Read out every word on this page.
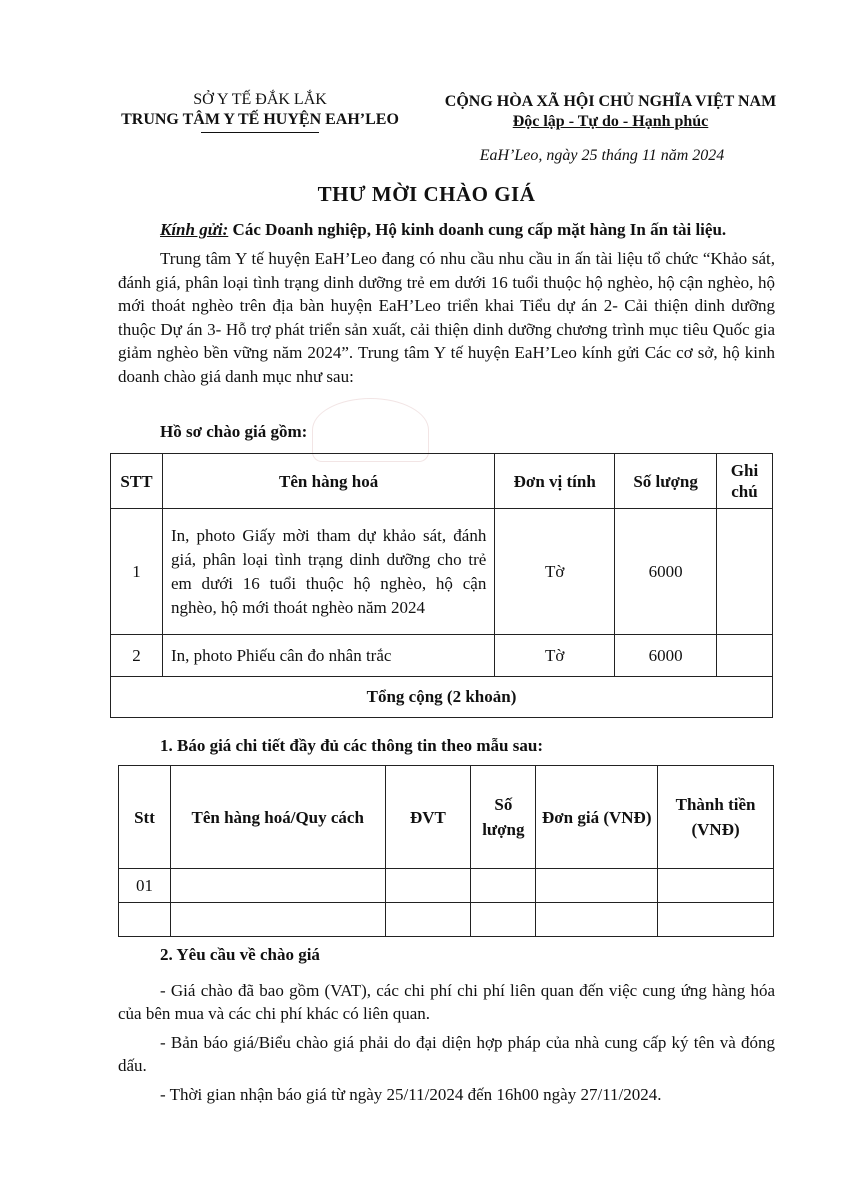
SỞ Y TẾ ĐẮK LẮK
TRUNG TÂM Y TẾ HUYỆN EAH’LEO
CỘNG HÒA XÃ HỘI CHỦ NGHĨA VIỆT NAM
Độc lập - Tự do - Hạnh phúc
EaH’Leo, ngày 25 tháng 11 năm 2024
THƯ MỜI CHÀO GIÁ
Kính gửi: Các Doanh nghiệp, Hộ kinh doanh cung cấp mặt hàng In ấn tài liệu.
Trung tâm Y tế huyện EaH’Leo đang có nhu cầu nhu cầu in ấn tài liệu tổ chức “Khảo sát, đánh giá, phân loại tình trạng dinh dưỡng trẻ em dưới 16 tuổi thuộc hộ nghèo, hộ cận nghèo, hộ mới thoát nghèo trên địa bàn huyện EaH’Leo triển khai Tiểu dự án 2- Cải thiện dinh dưỡng thuộc Dự án 3- Hỗ trợ phát triển sản xuất, cải thiện dinh dưỡng chương trình mục tiêu Quốc gia giảm nghèo bền vững năm 2024”. Trung tâm Y tế huyện EaH’Leo kính gửi Các cơ sở, hộ kinh doanh chào giá danh mục như sau:
Hồ sơ chào giá gồm:
STT	Tên hàng hoá	Đơn vị tính	Số lượng	Ghi chú
1	In, photo Giấy mời tham dự khảo sát, đánh giá, phân loại tình trạng dinh dưỡng cho trẻ em dưới 16 tuổi thuộc hộ nghèo, hộ cận nghèo, hộ mới thoát nghèo năm 2024	Tờ	6000	
2	In, photo Phiếu cân đo nhân trắc	Tờ	6000	
Tổng cộng (2 khoản)				
1. Báo giá chi tiết đầy đủ các thông tin theo mẫu sau:
Stt	Tên hàng hoá/Quy cách	ĐVT	Số lượng	Đơn giá (VNĐ)	Thành tiền (VNĐ)
01					

2. Yêu cầu về chào giá
- Giá chào đã bao gồm (VAT), các chi phí chi phí liên quan đến việc cung ứng hàng hóa của bên mua và các chi phí khác có liên quan.
- Bản báo giá/Biểu chào giá phải do đại diện hợp pháp của nhà cung cấp ký tên và đóng dấu.
- Thời gian nhận báo giá từ ngày 25/11/2024 đến 16h00 ngày 27/11/2024.
